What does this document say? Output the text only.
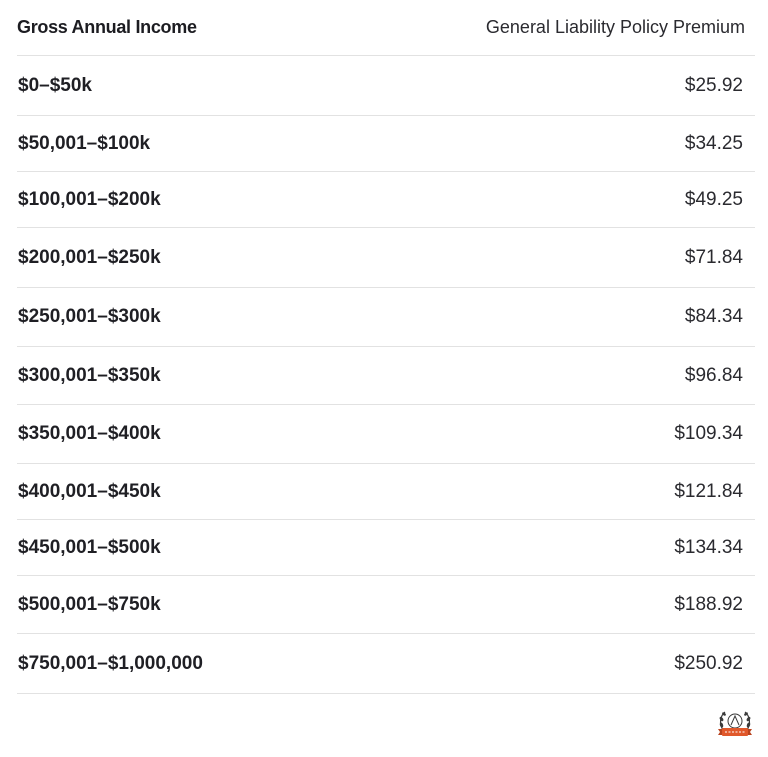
Gross Annual Income	General Liability Policy Premium
$0–$50k	$25.92
$50,001–$100k	$34.25
$100,001–$200k	$49.25
$200,001–$250k	$71.84
$250,001–$300k	$84.34
$300,001–$350k	$96.84
$350,001–$400k	$109.34
$400,001–$450k	$121.84
$450,001–$500k	$134.34
$500,001–$750k	$188.92
$750,001–$1,000,000	$250.92
